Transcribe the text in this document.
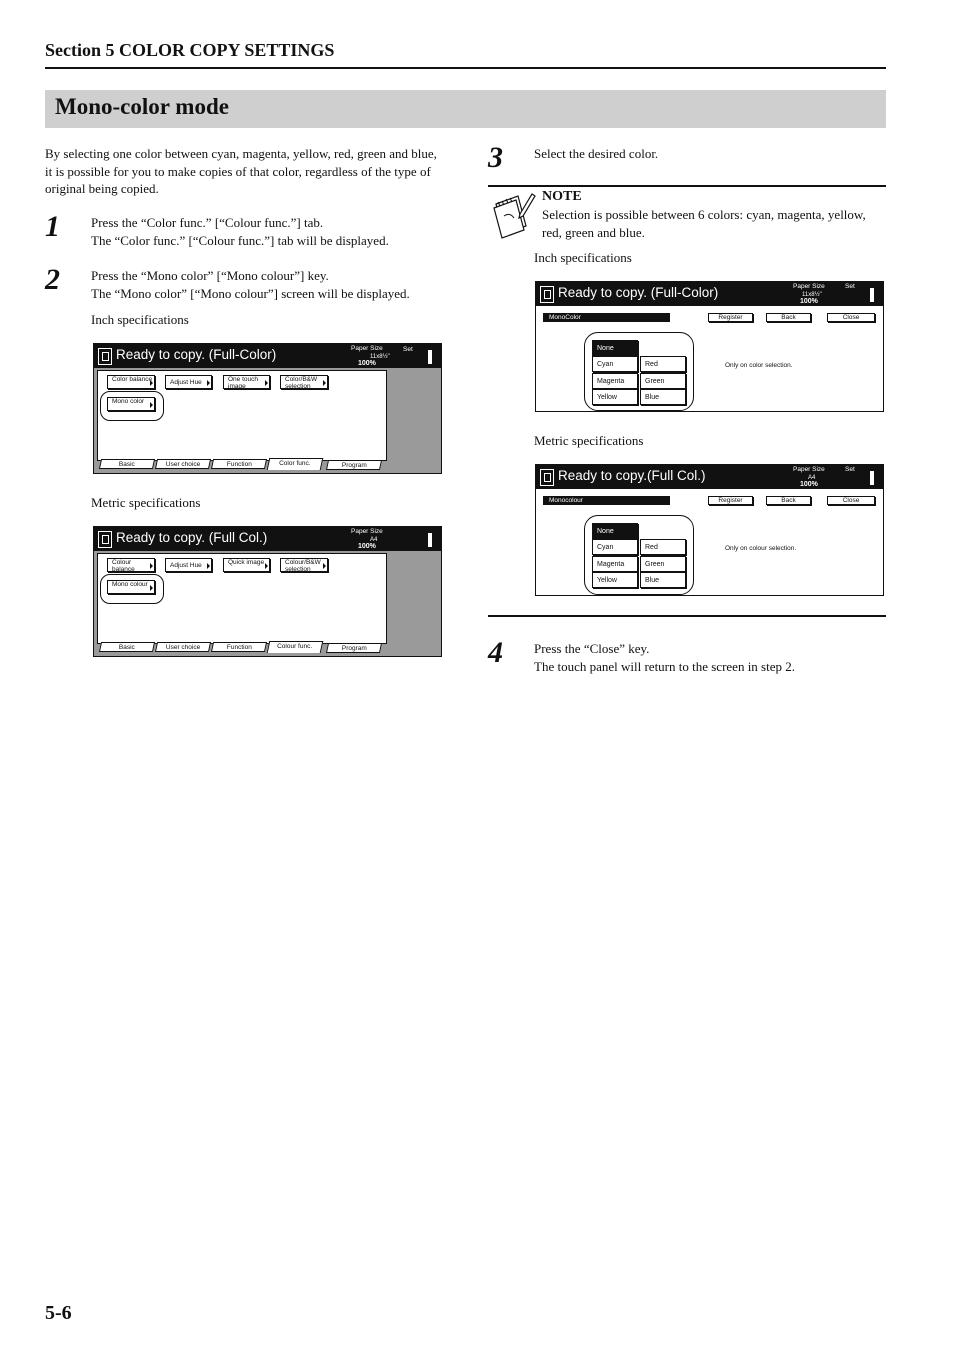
Section 5 COLOR COPY SETTINGS
Mono-color mode
By selecting one color between cyan, magenta, yellow, red, green and blue, it is possible for you to make copies of that color, regardless of the type of original being copied.
1 Press the “Color func.” [“Colour func.”] tab.
The “Color func.” [“Colour func.”] tab will be displayed.
2 Press the “Mono color” [“Mono colour”] key.
The “Mono color” [“Mono colour”] screen will be displayed.
Inch specifications
Ready to copy. (Full-Color)	Paper Size	Set
11x8½"
100%
Color balance	Adjust Hue	One touch image
Color/B&W selection
Mono color
Basic	User choice	Function	Color func.	Program
Metric specifications
Ready to copy. (Full Col.)	Paper Size
A4
100%
Colour balance
Adjust Hue	Quick image	Colour/B&W selection
Mono colour
Basic	User choice	Function	Colour func.	Program
3 Select the desired color.
NOTE
Selection is possible between 6 colors: cyan, magenta, yellow, red, green and blue.
Inch specifications
Ready to copy. (Full-Color)	Paper Size	Set
11x8½"
100%
MonoColor	Register	Back	Close
None
Cyan	Red
Magenta	Green
Yellow	Blue
Only on color selection.
Metric specifications
Ready to copy.(Full Col.)	Paper Size	Set
A4
100%
Monocolour	Register	Back	Close
None
Cyan	Red
Magenta	Green
Yellow	Blue
Only on colour selection.
4 Press the “Close” key.
The touch panel will return to the screen in step 2.
5-6
